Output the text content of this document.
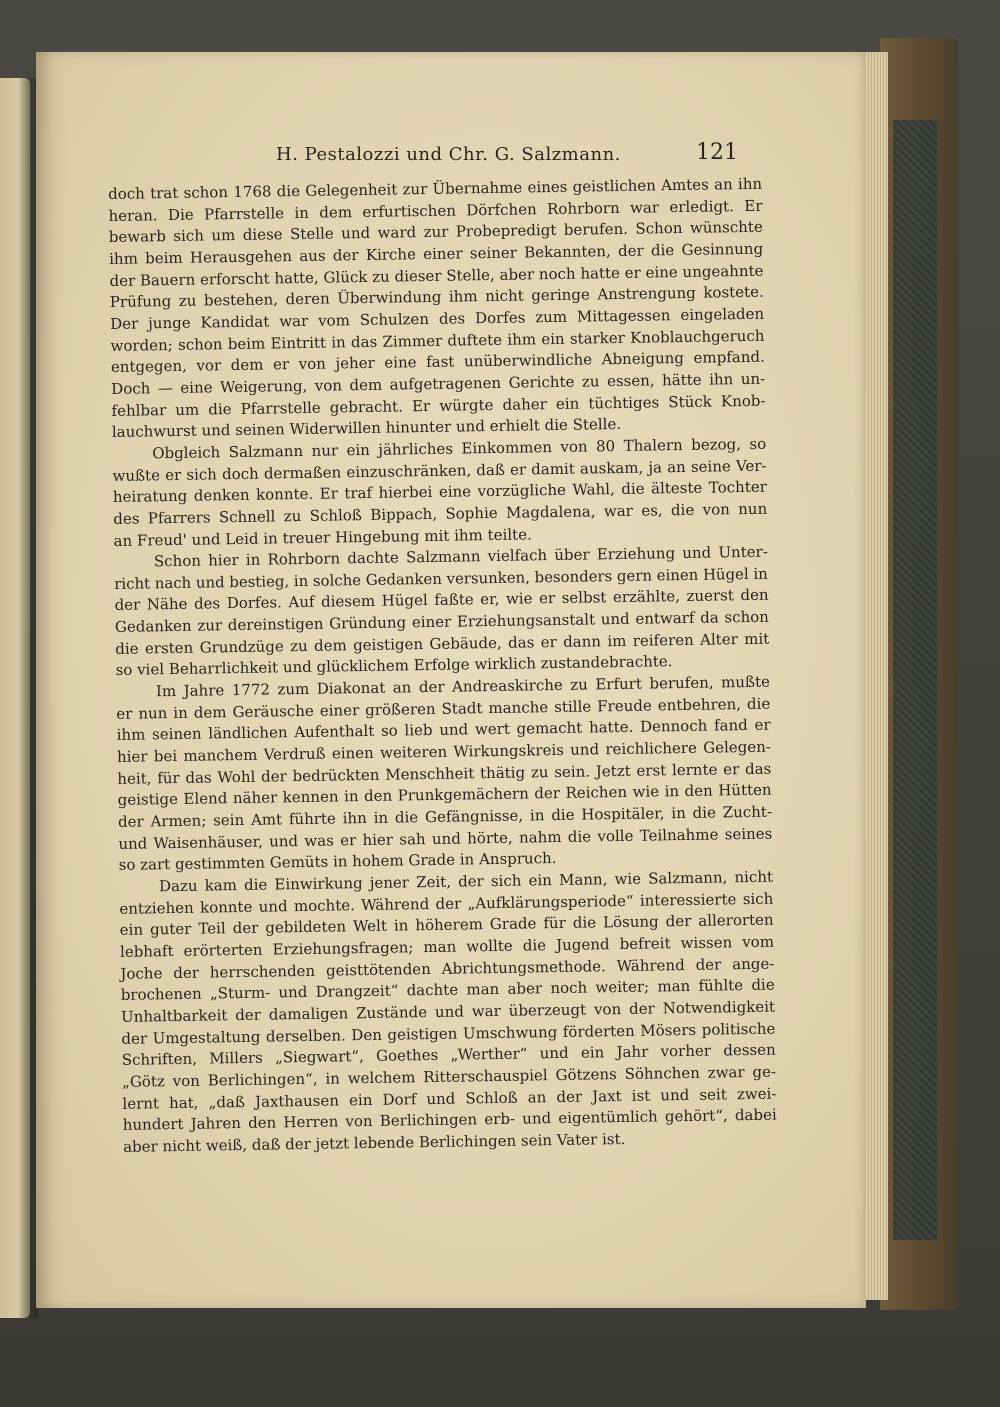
H. Pestalozzi und Chr. G. Salzmann.	121
doch trat schon 1768 die Gelegenheit zur Übernahme eines geistlichen Amtes an ihn
heran. Die Pfarrstelle in dem erfurtischen Dörfchen Rohrborn war erledigt. Er
bewarb sich um diese Stelle und ward zur Probepredigt berufen. Schon wünschte
ihm beim Herausgehen aus der Kirche einer seiner Bekannten, der die Gesinnung
der Bauern erforscht hatte, Glück zu dieser Stelle, aber noch hatte er eine ungeahnte
Prüfung zu bestehen, deren Überwindung ihm nicht geringe Anstrengung kostete.
Der junge Kandidat war vom Schulzen des Dorfes zum Mittagessen eingeladen
worden; schon beim Eintritt in das Zimmer duftete ihm ein starker Knoblauchgeruch
entgegen, vor dem er von jeher eine fast unüberwindliche Abneigung empfand.
Doch — eine Weigerung, von dem aufgetragenen Gerichte zu essen, hätte ihn un-
fehlbar um die Pfarrstelle gebracht. Er würgte daher ein tüchtiges Stück Knob-
lauchwurst und seinen Widerwillen hinunter und erhielt die Stelle.
Obgleich Salzmann nur ein jährliches Einkommen von 80 Thalern bezog, so
wußte er sich doch dermaßen einzuschränken, daß er damit auskam, ja an seine Ver-
heiratung denken konnte. Er traf hierbei eine vorzügliche Wahl, die älteste Tochter
des Pfarrers Schnell zu Schloß Bippach, Sophie Magdalena, war es, die von nun
an Freud' und Leid in treuer Hingebung mit ihm teilte.
Schon hier in Rohrborn dachte Salzmann vielfach über Erziehung und Unter-
richt nach und bestieg, in solche Gedanken versunken, besonders gern einen Hügel in
der Nähe des Dorfes. Auf diesem Hügel faßte er, wie er selbst erzählte, zuerst den
Gedanken zur dereinstigen Gründung einer Erziehungsanstalt und entwarf da schon
die ersten Grundzüge zu dem geistigen Gebäude, das er dann im reiferen Alter mit
so viel Beharrlichkeit und glücklichem Erfolge wirklich zustandebrachte.
Im Jahre 1772 zum Diakonat an der Andreaskirche zu Erfurt berufen, mußte
er nun in dem Geräusche einer größeren Stadt manche stille Freude entbehren, die
ihm seinen ländlichen Aufenthalt so lieb und wert gemacht hatte. Dennoch fand er
hier bei manchem Verdruß einen weiteren Wirkungskreis und reichlichere Gelegen-
heit, für das Wohl der bedrückten Menschheit thätig zu sein. Jetzt erst lernte er das
geistige Elend näher kennen in den Prunkgemächern der Reichen wie in den Hütten
der Armen; sein Amt führte ihn in die Gefängnisse, in die Hospitäler, in die Zucht-
und Waisenhäuser, und was er hier sah und hörte, nahm die volle Teilnahme seines
so zart gestimmten Gemüts in hohem Grade in Anspruch.
Dazu kam die Einwirkung jener Zeit, der sich ein Mann, wie Salzmann, nicht
entziehen konnte und mochte. Während der „Aufklärungsperiode“ interessierte sich
ein guter Teil der gebildeten Welt in höherem Grade für die Lösung der allerorten
lebhaft erörterten Erziehungsfragen; man wollte die Jugend befreit wissen vom
Joche der herrschenden geisttötenden Abrichtungsmethode. Während der ange-
brochenen „Sturm- und Drangzeit“ dachte man aber noch weiter; man fühlte die
Unhaltbarkeit der damaligen Zustände und war überzeugt von der Notwendigkeit
der Umgestaltung derselben. Den geistigen Umschwung förderten Mösers politische
Schriften, Millers „Siegwart“, Goethes „Werther“ und ein Jahr vorher dessen
„Götz von Berlichingen“, in welchem Ritterschauspiel Götzens Söhnchen zwar ge-
lernt hat, „daß Jaxthausen ein Dorf und Schloß an der Jaxt ist und seit zwei-
hundert Jahren den Herren von Berlichingen erb- und eigentümlich gehört“, dabei
aber nicht weiß, daß der jetzt lebende Berlichingen sein Vater ist.
